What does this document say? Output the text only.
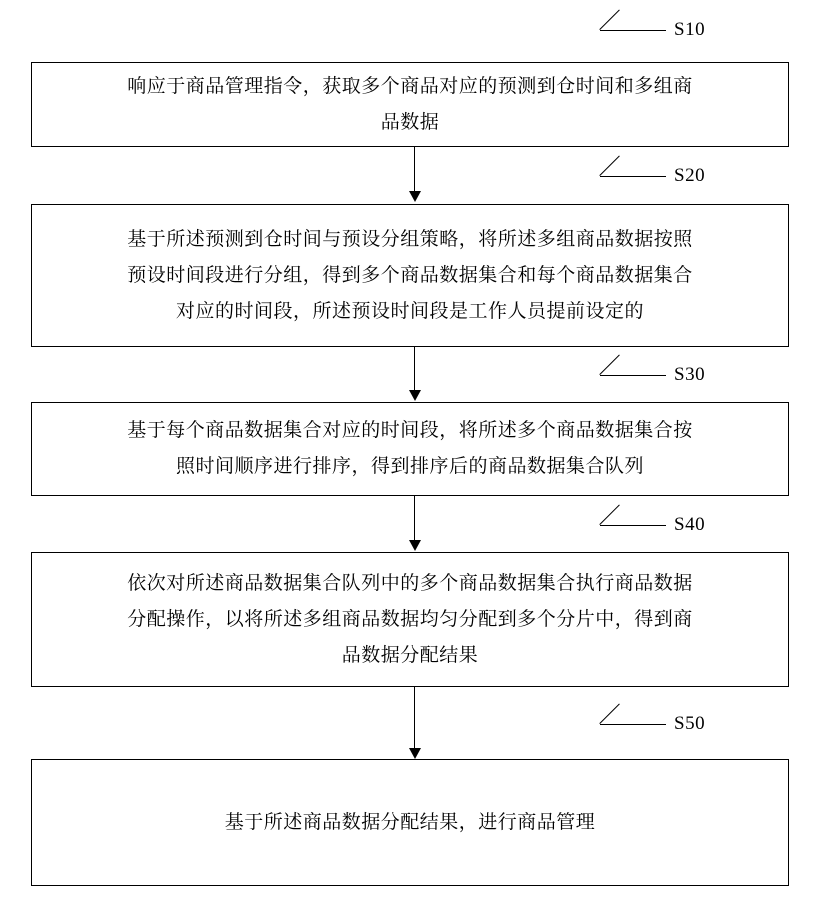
S10
响应于商品管理指令，获取多个商品对应的预测到仓时间和多组商
品数据
S20
基于所述预测到仓时间与预设分组策略，将所述多组商品数据按照
预设时间段进行分组，得到多个商品数据集合和每个商品数据集合
对应的时间段，所述预设时间段是工作人员提前设定的
S30
基于每个商品数据集合对应的时间段，将所述多个商品数据集合按
照时间顺序进行排序，得到排序后的商品数据集合队列
S40
依次对所述商品数据集合队列中的多个商品数据集合执行商品数据
分配操作，以将所述多组商品数据均匀分配到多个分片中，得到商
品数据分配结果
S50
基于所述商品数据分配结果，进行商品管理
